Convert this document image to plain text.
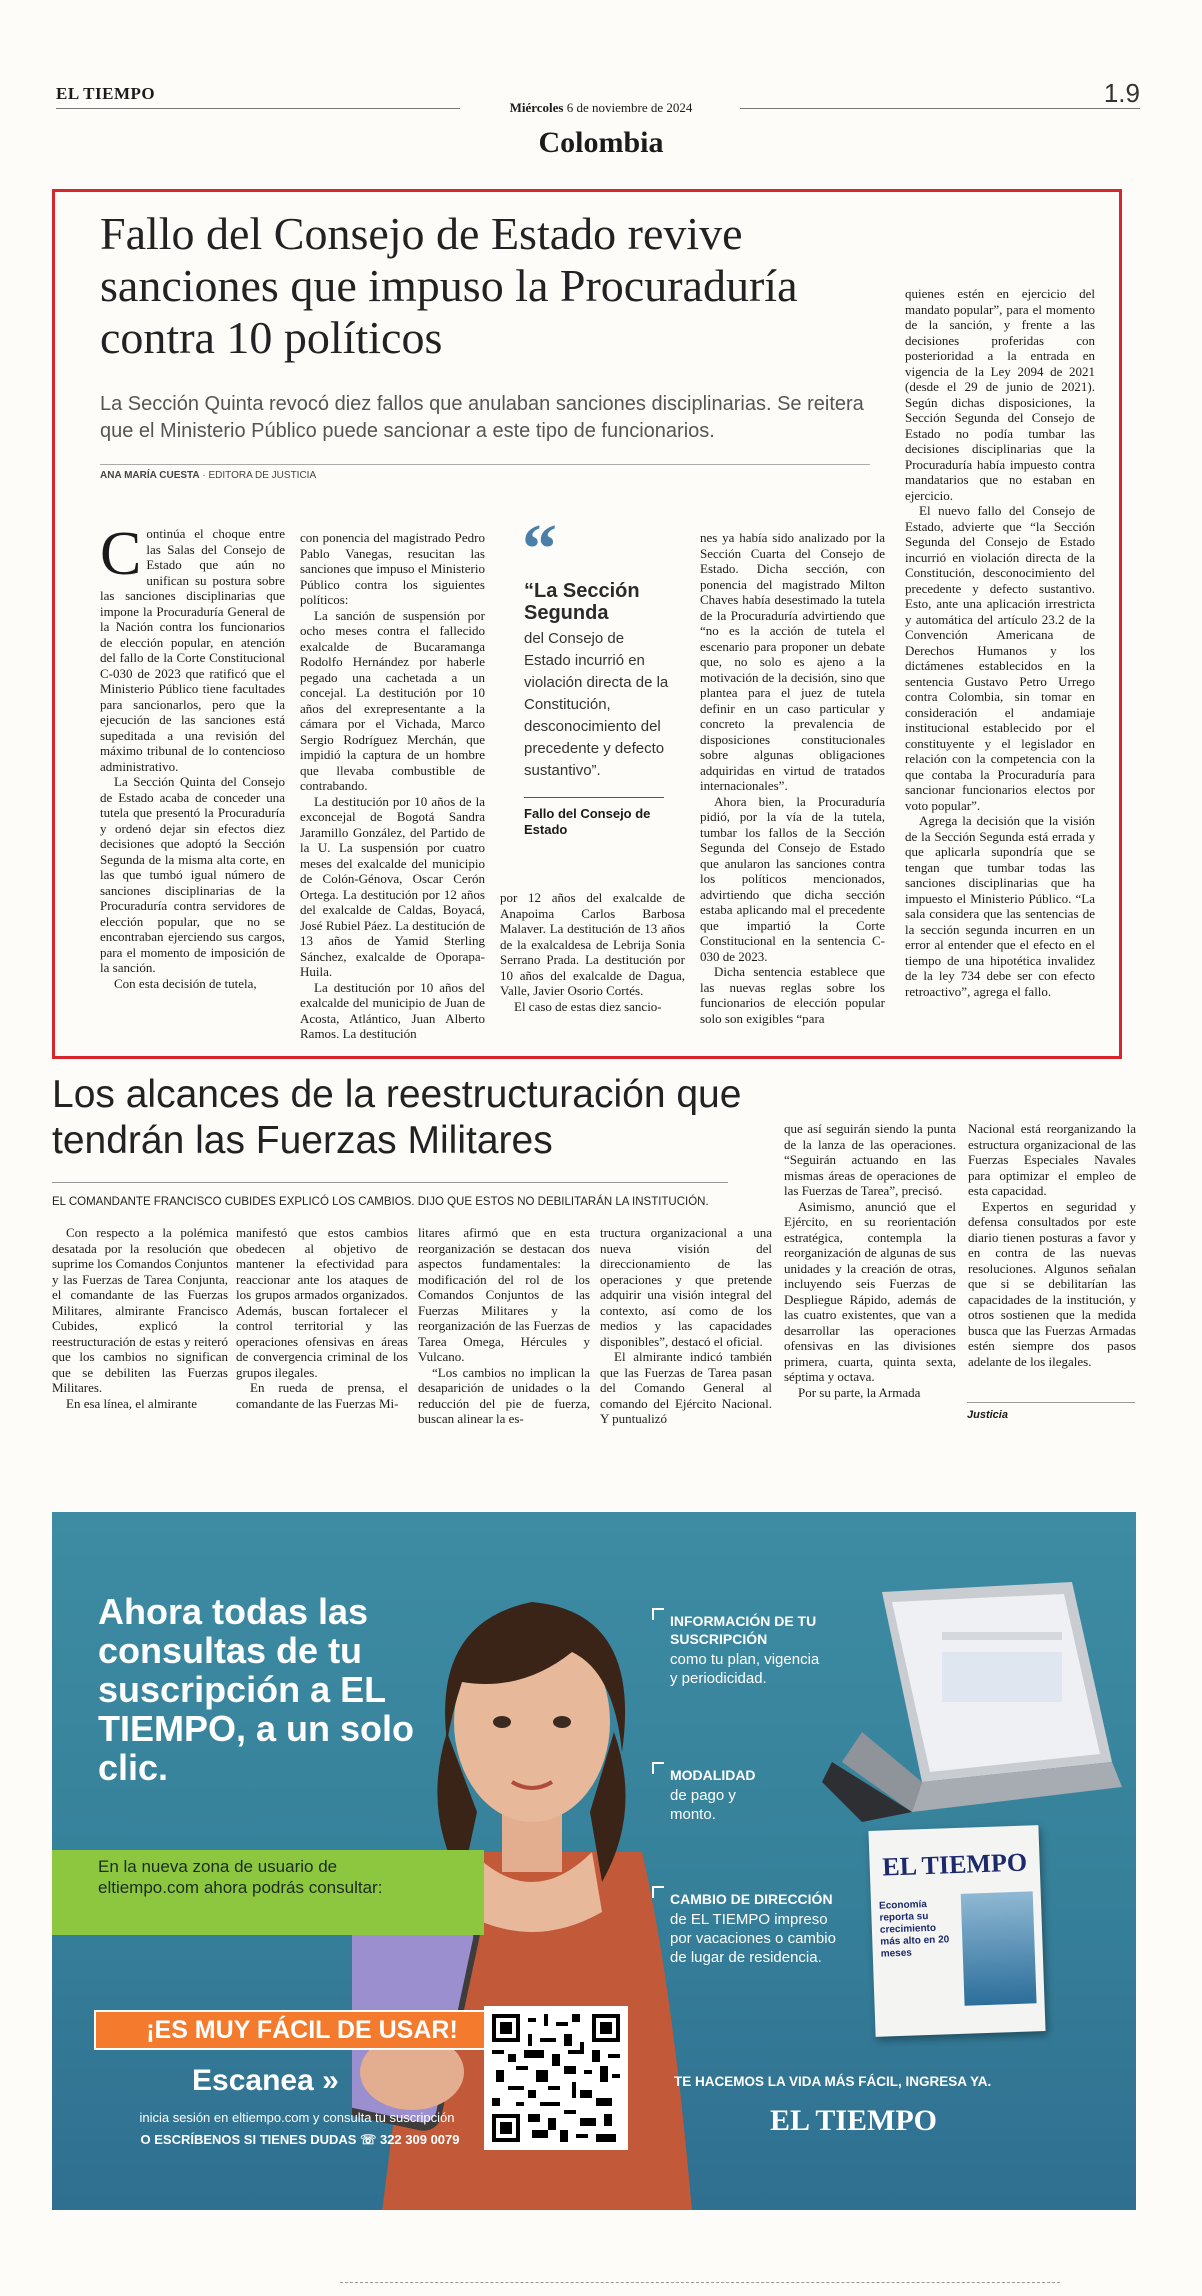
EL TIEMPO	1.9
Miércoles 6 de noviembre de 2024
Colombia
Fallo del Consejo de Estado revive sanciones que impuso la Procuraduría contra 10 políticos
La Sección Quinta revocó diez fallos que anulaban sanciones disciplinarias. Se reitera que el Ministerio Público puede sancionar a este tipo de funcionarios.
ANA MARÍA CUESTA · EDITORA DE JUSTICIA

Continúa el choque entre las Salas del Consejo de Estado que aún no unifican su postura sobre las sanciones disciplinarias que impone la Procuraduría General de la Nación contra los funcionarios de elección popular, en atención del fallo de la Corte Constitucional C-030 de 2023 que ratificó que el Ministerio Público tiene facultades para sancionarlos, pero que la ejecución de las sanciones está supeditada a una revisión del máximo tribunal de lo contencioso administrativo.

La Sección Quinta del Consejo de Estado acaba de conceder una tutela que presentó la Procuraduría y ordenó dejar sin efectos diez decisiones que adoptó la Sección Segunda de la misma alta corte, en las que tumbó igual número de sanciones disciplinarias de la Procuraduría contra servidores de elección popular, que no se encontraban ejerciendo sus cargos, para el momento de imposición de la sanción.

Con esta decisión de tutela,

con ponencia del magistrado Pedro Pablo Vanegas, resucitan las sanciones que impuso el Ministerio Público contra los siguientes políticos:

La sanción de suspensión por ocho meses contra el fallecido exalcalde de Bucaramanga Rodolfo Hernández por haberle pegado una cachetada a un concejal. La destitución por 10 años del exrepresentante a la cámara por el Vichada, Marco Sergio Rodríguez Merchán, que impidió la captura de un hombre que llevaba combustible de contrabando.

La destitución por 10 años de la exconcejal de Bogotá Sandra Jaramillo González, del Partido de la U. La suspensión por cuatro meses del exalcalde del municipio de Colón-Génova, Oscar Cerón Ortega. La destitución por 12 años del exalcalde de Caldas, Boyacá, José Rubiel Páez. La destitución de 13 años de Yamid Sterling Sánchez, exalcalde de Oporapa-Huila.

La destitución por 10 años del exalcalde del municipio de Juan de Acosta, Atlántico, Juan Alberto Ramos. La destitución

“
“La Sección Segunda
del Consejo de Estado incurrió en violación directa de la Constitución, desconocimiento del precedente y defecto sustantivo”.
Fallo del Consejo de Estado

por 12 años del exalcalde de Anapoima Carlos Barbosa Malaver. La destitución de 13 años de la exalcaldesa de Lebrija Sonia Serrano Prada. La destitución por 10 años del exalcalde de Dagua, Valle, Javier Osorio Cortés.

El caso de estas diez sancio-

nes ya había sido analizado por la Sección Cuarta del Consejo de Estado. Dicha sección, con ponencia del magistrado Milton Chaves había desestimado la tutela de la Procuraduría advirtiendo que “no es la acción de tutela el escenario para proponer un debate que, no solo es ajeno a la motivación de la decisión, sino que plantea para el juez de tutela definir en un caso particular y concreto la prevalencia de disposiciones constitucionales sobre algunas obligaciones adquiridas en virtud de tratados internacionales”.

Ahora bien, la Procuraduría pidió, por la vía de la tutela, tumbar los fallos de la Sección Segunda del Consejo de Estado que anularon las sanciones contra los políticos mencionados, advirtiendo que dicha sección estaba aplicando mal el precedente que impartió la Corte Constitucional en la sentencia C-030 de 2023.

Dicha sentencia establece que las nuevas reglas sobre los funcionarios de elección popular solo son exigibles “para

quienes estén en ejercicio del mandato popular”, para el momento de la sanción, y frente a las decisiones proferidas con posterioridad a la entrada en vigencia de la Ley 2094 de 2021 (desde el 29 de junio de 2021). Según dichas disposiciones, la Sección Segunda del Consejo de Estado no podía tumbar las decisiones disciplinarias que la Procuraduría había impuesto contra mandatarios que no estaban en ejercicio.

El nuevo fallo del Consejo de Estado, advierte que “la Sección Segunda del Consejo de Estado incurrió en violación directa de la Constitución, desconocimiento del precedente y defecto sustantivo. Esto, ante una aplicación irrestricta y automática del artículo 23.2 de la Convención Americana de Derechos Humanos y los dictámenes establecidos en la sentencia Gustavo Petro Urrego contra Colombia, sin tomar en consideración el andamiaje institucional establecido por el constituyente y el legislador en relación con la competencia con la que contaba la Procuraduría para sancionar funcionarios electos por voto popular”.

Agrega la decisión que la visión de la Sección Segunda está errada y que aplicarla supondría que se tengan que tumbar todas las sanciones disciplinarias que ha impuesto el Ministerio Público. “La sala considera que las sentencias de la sección segunda incurren en un error al entender que el efecto en el tiempo de una hipotética invalidez de la ley 734 debe ser con efecto retroactivo”, agrega el fallo.

Los alcances de la reestructuración que tendrán las Fuerzas Militares
EL COMANDANTE FRANCISCO CUBIDES EXPLICÓ LOS CAMBIOS. DIJO QUE ESTOS NO DEBILITARÁN LA INSTITUCIÓN.

Con respecto a la polémica desatada por la resolución que suprime los Comandos Conjuntos y las Fuerzas de Tarea Conjunta, el comandante de las Fuerzas Militares, almirante Francisco Cubides, explicó la reestructuración de estas y reiteró que los cambios no significan que se debiliten las Fuerzas Militares.

En esa línea, el almirante

manifestó que estos cambios obedecen al objetivo de mantener la efectividad para reaccionar ante los ataques de los grupos armados organizados. Además, buscan fortalecer el control territorial y las operaciones ofensivas en áreas de convergencia criminal de los grupos ilegales.

En rueda de prensa, el comandante de las Fuerzas Mi-

litares afirmó que en esta reorganización se destacan dos aspectos fundamentales: la modificación del rol de los Comandos Conjuntos de las Fuerzas Militares y la reorganización de las Fuerzas de Tarea Omega, Hércules y Vulcano.

“Los cambios no implican la desaparición de unidades o la reducción del pie de fuerza, buscan alinear la es-

tructura organizacional a una nueva visión del direccionamiento de las operaciones y que pretende adquirir una visión integral del contexto, así como de los medios y las capacidades disponibles”, destacó el oficial.

El almirante indicó también que las Fuerzas de Tarea pasan del Comando General al comando del Ejército Nacional. Y puntualizó

que así seguirán siendo la punta de la lanza de las operaciones. “Seguirán actuando en las mismas áreas de operaciones de las Fuerzas de Tarea”, precisó.

Asimismo, anunció que el Ejército, en su reorientación estratégica, contempla la reorganización de algunas de sus unidades y la creación de otras, incluyendo seis Fuerzas de Despliegue Rápido, además de las cuatro existentes, que van a desarrollar las operaciones ofensivas en las divisiones primera, cuarta, quinta sexta, séptima y octava.

Por su parte, la Armada

Nacional está reorganizando la estructura organizacional de las Fuerzas Especiales Navales para optimizar el empleo de esta capacidad.

Expertos en seguridad y defensa consultados por este diario tienen posturas a favor y en contra de las nuevas resoluciones. Algunos señalan que si se debilitarían las capacidades de la institución, y otros sostienen que la medida busca que las Fuerzas Armadas estén siempre dos pasos adelante de los ilegales.

Justicia
Ahora todas las consultas de tu suscripción a EL TIEMPO, a un solo clic.
En la nueva zona de usuario de eltiempo.com ahora podrás consultar:
INFORMACIÓN DE TU SUSCRIPCIÓN
como tu plan, vigencia y periodicidad.
MODALIDAD
de pago y monto.
CAMBIO DE DIRECCIÓN
de EL TIEMPO impreso por vacaciones o cambio de lugar de residencia.
EL TIEMPO
Economía reporta su crecimiento más alto en 20 meses
¡ES MUY FÁCIL DE USAR!
Escanea »
inicia sesión en eltiempo.com y consulta tu suscripción
O ESCRÍBENOS SI TIENES DUDAS ☏ 322 309 0079
TE HACEMOS LA VIDA MÁS FÁCIL, INGRESA YA.
EL TIEMPO
